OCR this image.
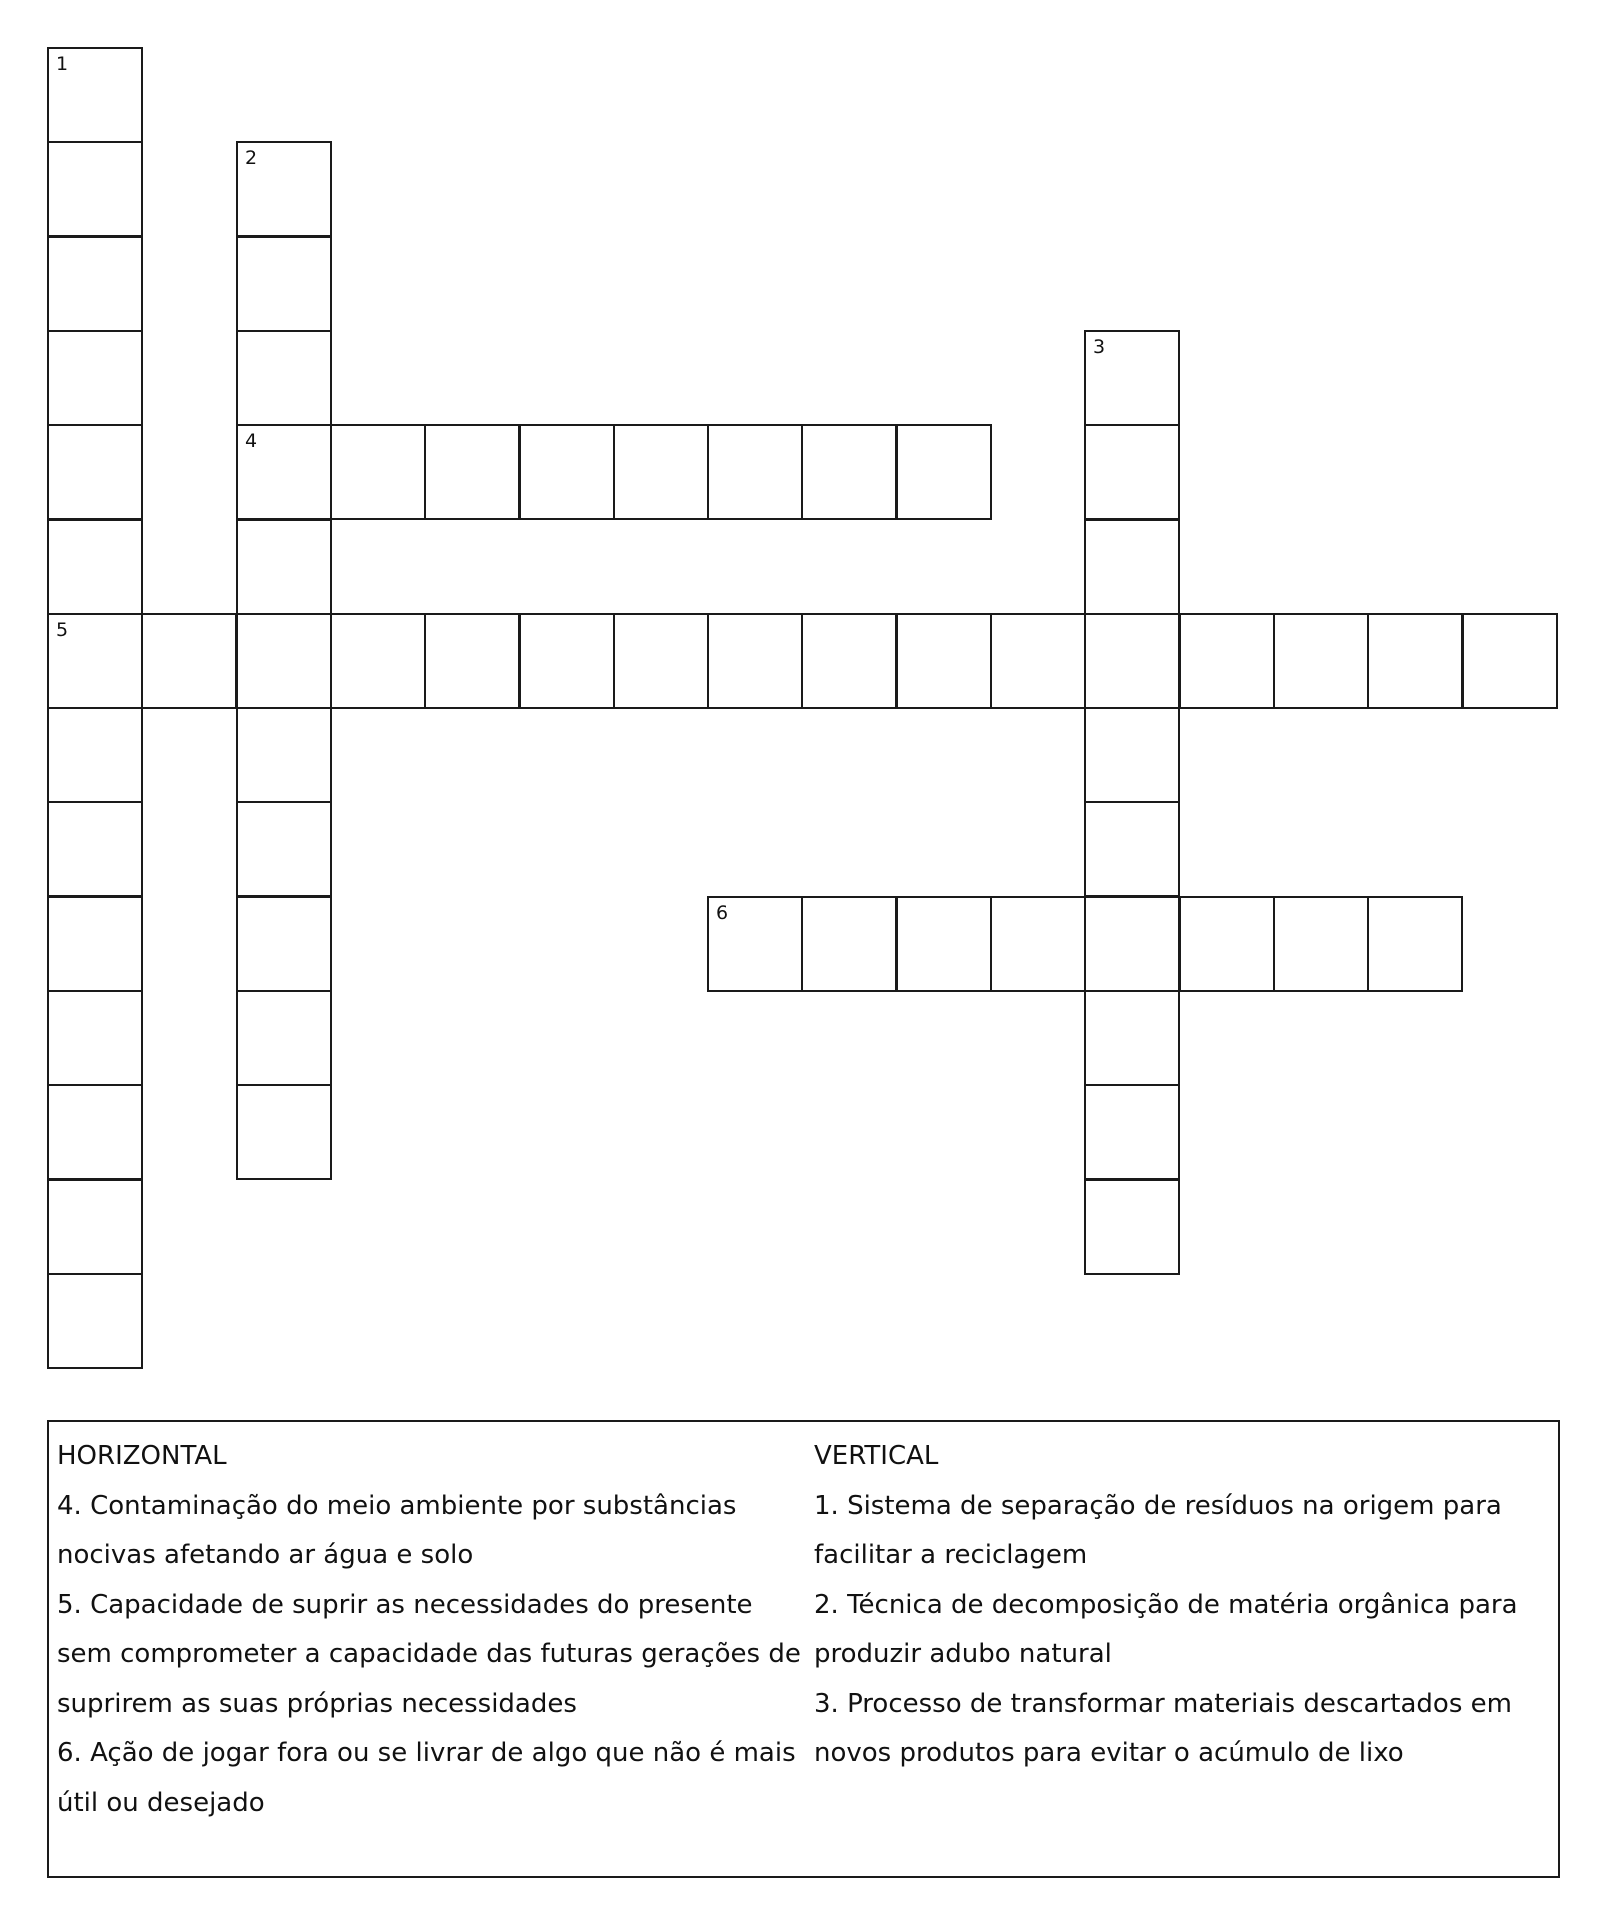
1
5
2
4
3
6
HORIZONTAL
4. Contaminação do meio ambiente por substâncias nocivas afetando ar água e solo
5. Capacidade de suprir as necessidades do presente sem comprometer a capacidade das futuras gerações de suprirem as suas próprias necessidades
6. Ação de jogar fora ou se livrar de algo que não é mais útil ou desejado
VERTICAL
1. Sistema de separação de resíduos na origem para facilitar a reciclagem
2. Técnica de decomposição de matéria orgânica para produzir adubo natural
3. Processo de transformar materiais descartados em novos produtos para evitar o acúmulo de lixo
